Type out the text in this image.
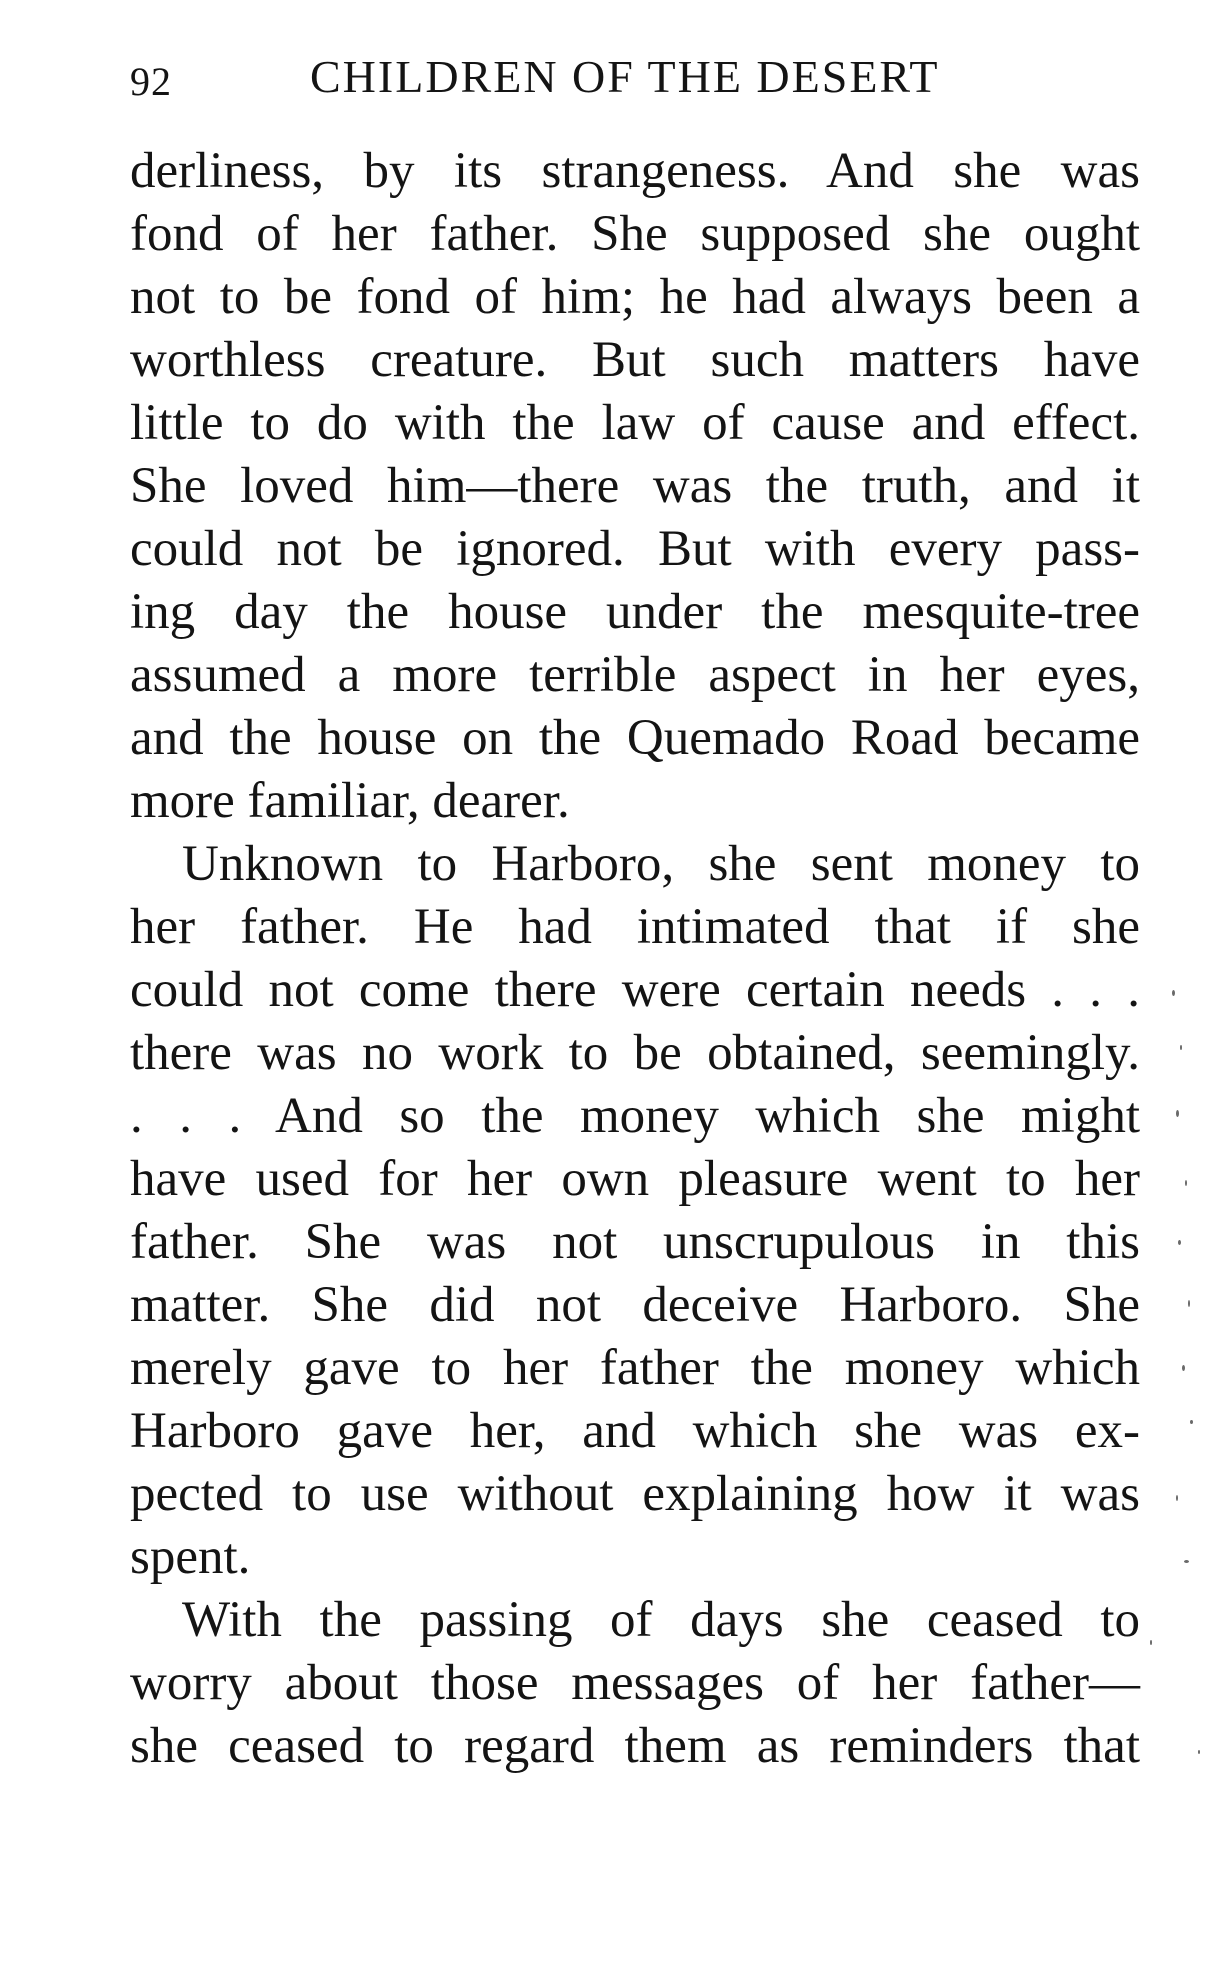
92	CHILDREN OF THE DESERT
derliness, by its strangeness. And she was
fond of her father. She supposed she ought
not to be fond of him; he had always been a
worthless creature. But such matters have
little to do with the law of cause and effect.
She loved him—there was the truth, and it
could not be ignored. But with every pass-
ing day the house under the mesquite-tree
assumed a more terrible aspect in her eyes,
and the house on the Quemado Road became
more familiar, dearer.
Unknown to Harboro, she sent money to
her father. He had intimated that if she
could not come there were certain needs . . .
there was no work to be obtained, seemingly.
. . . And so the money which she might
have used for her own pleasure went to her
father. She was not unscrupulous in this
matter. She did not deceive Harboro. She
merely gave to her father the money which
Harboro gave her, and which she was ex-
pected to use without explaining how it was
spent.
With the passing of days she ceased to
worry about those messages of her father—
she ceased to regard them as reminders that
